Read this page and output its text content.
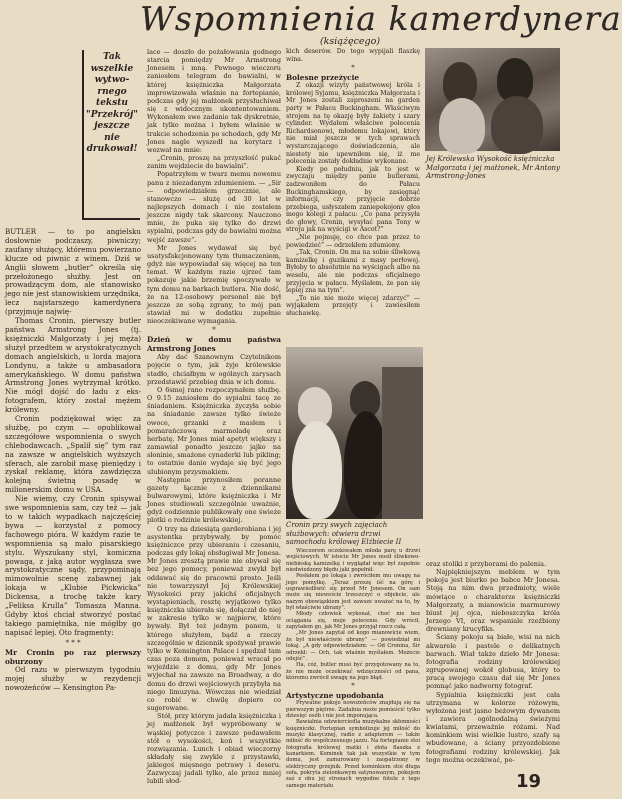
Wspomnienia kamerdynera
(książęcego)
Tak
wszelkie
wytwo-
rnego
tekstu
"Przekrój"
jeszcze
nie
drukował!

BUTLER — to po angielsku dosłownie podczaszy, piwniczy; zaufany służący, któremu powierzano klucze od piwnic z winem. Dziś w Anglii słowem „butler” określa się przełożonego służby. Jest on prowadzącym dom, ale stanowisko jego nie jest stanowiskiem urzędnika, lecz najstarszego kamerdynera (przyjmuje najwię-

Thomas Cronin, pierwszy butler państwa Armstrong Jones (tj. księżniczki Małgorzaty i jej męża) służył przedtem w arystokratycznych domach angielskich, u lorda majora Londynu, a także u ambasadora amerykańskiego. W domu państwa Armstrong Jones wytrzymał krótko. Nie mógł dojść do ładu z eks-fotografem, który został mężem królewny.

Cronin podziękował więc za służbę, po czym — opublikował szczegółowe wspomnienia o swych chlebodawcach. „Spalił się” tym raz na zawsze w angielskich wyższych sferach, ale zarobił masę pieniędzy i zyskał reklamę, która zawdzięcza kolejną świetną posadę w milionerskim domu w USA.

Nie wiemy, czy Cronin spisywał swe wspomnienia sam, czy też — jak to w takich wypadkach najczęściej bywa — korzystał z pomocy fachowego pióra. W każdym razie te wspomnienia są mało pisarskiego stylu. Wyszukany styl, komiczna powaga, z jaką autor wygłasza swe arystokratyczne sądy, przypominają mimowolnie scenę zabawnej jak lokaja w „Klubie Pickwicka” Dickensa, a trochę także kary „Feliksa Krulla” Tomasza Manna. Gdyby ktoś chciał stworzyć postać takiego pamiętnika, nie mógłby go napisać lepiej. Oto fragmenty:

* * *

Mr Cronin po raz pierwszy oburzony

Od razu w pierwszym tygodniu mojej służby w rezydencji nowożeńców — Kensington Pa-

lace — doszło do pożałowania godnego starcia pomiędzy Mr Armstrong Jonesem i mną. Pewnego wieczoru zaniosłem telegram do bawialni, w której księżniczka Małgorzata improwizowała właśnie na fortepianie, podczas gdy jej małżonek przysłuchiwał się z widocznym ukontentowaniem. Wykonałem swe zadanie tak dyskretnie, jak tylko można i byłem właśnie w trakcie schodzenia po schodach, gdy Mr Jones nagle wyszedł na korytarz i wezwał na mnie:

„Cronin, proszę na przyszłość pukać zanim wejdziecie do bawialni”.

Popatrzyłem w twarz memu nowemu panu z niezadanym zdumieniem. — „Sir — odpowiedziałem grzecznie, ale stanowczo — służę od 30 lat w najlepszych domach i nie zostałem jeszcze nigdy tak skarcony. Nauczono mnie, że puka się tylko do drzwi sypialni, podczas gdy do bawialni można wejść zawsze”.

Mr Jones wydawał się być usatysfakcjonowany tym tłumaczeniem, gdyż nie wypowiadał się więcej na ten temat. W każdym razie ujrzeć tam pokazuje jakie brzemię spoczywało w tym domu na barkach butlera. Nie dość, że na 12-osobowy personel nie był jeszcze ze sobą zgrany, to mój pan stawiał mi w dodatku zupełnie nieoczekiwane wymagania.

*

Dzień w domu państwa Armstrong Jones

Aby dać Szanownym Czytelnikom pojęcie o tym, jak żyje królewskie stadło, chciałbym w ogólnych zarysach przedstawić przebieg dnia w ich domu.

O 6smej rano rozpoczynałem służbę. O 9.15 zaniosłem do sypialni tacę ze śniadaniem. Księżniczka życzyła sobie na śniadanie zawsze tylko świeże owoce, grzanki z masłem i pomarańczową marmoladę oraz herbatę. Mr Jones miał apetyt większy i zamawiał ponadto jeszcze jajko na słoninie, smażone cynaderki lub pikling; to ostatnie danie wydaje się być jego ulubionym przysmakiem.

Następnie przynosiłem poranne gazety łącznie z dziennikami bulwarowymi, które księżniczka i Mr Jones studiowali szczególnie uważnie, gdyż codziennie publikowały one świeże plotki o rodzinie królewskiej.

O trzy na dziesiątą garderobiana i jej asystentka przybywały, by pomóc księżniczce przy ubieraniu i czesaniu, podczas gdy lokaj obsługiwał Mr Jonesa. Mr Jones zresztą prawie nie obywał się bez jego pomocy, ponieważ zwykł był oddawać się do pracowni prosto. Jeśli nie towarzyszył Jej Królewskiej Wysokości przy jakichś oficjalnych wystąpieniach, resztę wyjątkowo tylko księżniczka ubierała się, dołączał do niej w zakresie tylko w najpierw, które bywały. Był też jednym panem, u którego służyłem, bądź a rzeczy szczególnie w dziennik spożywał prawie tylko w Kensington Palace i spędzał tam czas poza domem, ponieważ wracał po wyjeździe z domu, gdy Mr Jones wyjechał na zawsze na Broadway, a do domu do drzwi wejściowych przybyła na niego limuzyna. Wówczas nie wiedział co robić w chwilę dopiero co sugerowane.

Stół, przy którym jadała księżniczka i jej małżonek był wypróbowany w wąskiej potyczce i zawsze podawałem stół o wysokości, koń i wszystkie rozwiązania. Lunch i obiad wieczorny składały się zwykle z przystawki, jakiegoś mięsnego potrawy i deseru. Zazwyczaj jadali tylko, ale przez mniej lubili słod-

kich deserów. Do tego wypijali flaszkę wina.

*

Bolesne przeżycie

Z okazji wizyty państwowej króla i królowej Syjamu, księżniczka Małgorzata i Mr Jones zostali zaproszeni na garden party w Pałacu Buckingham. Właściwym strojem na tę okazję były żakiety i szary cylinder. Wydałem właściwe polecenia Richardsonowi, młodemu lokajowi, który nie miał jeszcze w tych sprawach wystarczającego doświadczenia, ale niestety nie upewniłem się, iż me polecenia zostały dokładnie wykonane.

Kiedy po południu, jak to jest w zwyczaju między panie butlerami, zadzwoniłem do Pałacu Buckinghamskiego, by zasięgnąć informacji, czy przyjęcie dobrze przebiega, usłyszałem zaniepokojony głos mego kolegi z pałacu: „Co pana przysyła do głowy, Cronin, wysyłać pana Tony w stroju jak na wyścigi w Ascot?”

„Nie pojmuję, co chce pan przez to powiedzieć” — odrzekłem zdumiony.

„Tak, Cronin. On ma na sobie śliwkową kamizelkę i guzikami z masy perłowej. Byłoby to absolutnie na wyścigach albo na weselu, ale nie podczas oficjalnego przyjęcia w pałacu. Myślałem, że pan się lepiej zna na tym”.

„To nie nie może więcej zdarzyć” — wyjąkałem przejęty i zawiesiłem słuchawkę.

Jej Królewska Wysokość księżniczka Małgorzata i jej małżonek, Mr Antony Armstrong-Jones
Cronin przy swych zajęciach służbowych: otwiera drzwi samochodu królowej Elżbiecie II

oraz stoliki z przyborami do palenia.

Najpiękniejszym meblem w tym pokoju jest biurko po babce Mr Jonesa. Stoją na nim dwa przedmioty, wiele mówiące o charakterze księżniczki Małgorzaty, a mianowicie marmurowy biust jej ojca, nieboszczyka króla Jerzego VI, oraz wspaniale rzeźbiony drewniany krucyfiks.

Ściany pokoju są białe, wisi na nich akwarele i pastele o delikatnych barwach. Wiał także dzieło Mr Jonesa: fotografia rodziny królewskiej zgrupowanej wokół globusa, który to pracą swojego czasu dał się Mr Jones pomnąć jako nadworny fotograf.

Sypialnia księżniczki jest cała utrzymana w kolorze różowym, wyłożona jest jasno beżowym dywanem i zawiera ogólnodalną świeżymi kwiatami, przeważnie różami. Nad kominkiem wisi wielkie lustro, szafy są wbudowane, a ściany przyozdobione fotografiami rodziny królewskiej. Jak tego można oczekiwać, pe-

19

Wieczorem oczekiwałem młoda parę u drzwi wejściowych. W istocie Mr Jones nosił śliwkowo-niebieską kamizelkę i wyglądał więc był zupełnie niedwiedzony błędu jaki popełnił.

Posłałem po lokaja i zwróciłem mu uwagę na jego pomyłkę. „Teraz proszę iść na górę i usprawiedliwić się przed Mr Jonesem. On sam może się nieweście trzeszczyć o objekcie, ale nazym obowiązkiem jest zawsze uważać na to, by był właściwie ubrany”.

Młody człowiek wykonał, choć nie bez ociągania się, moje polecenie. Gdy wrócił, zapytałem go, jak Mr Jones przyjął rzecz całą.

„Mr Jones zapytał od kogo mianowicie wiem, że był niewłaściwie ubrany” — powiedział mi lokaj. „A gdy odpowiedziałem: — Od Cronina, Sir odrzekł: — Och, tak właśnie myślałem. Możecie odejść”.

Ha, cóż, butler musi być przygotowany na to, że nie może oczekiwać wdzięczności od pana, któremu zwrócił uwagę na jego błąd.

*

Artystyczne upodobania

Prywatne pokoje nowożeńców znajdują się na pierwszym piętrze. Zadalnia może pomieścić tylko dziesięć osób i nie jest imponująca.

Bawialnia odzwierciedla muzykalne skłonności księżniczki. Fortepian symbolizuje jej miłość do muzyki klasycznej, radio z adapterem — także miłość do współczesnego jazzu. Na fortepianie stoi fotografia królowej matki i złota flaszka z kanarkiem. Kominek tak jak wszystkie w tym domu, jest zamurowany i zaopatrzony w elektryczny grzejnik. Przed kominkiem stoi długa sofa, pokryta zielonkawym satynowanym, pokojem zaś z obu jej stronach wygodne fotele z tego samego materiału
